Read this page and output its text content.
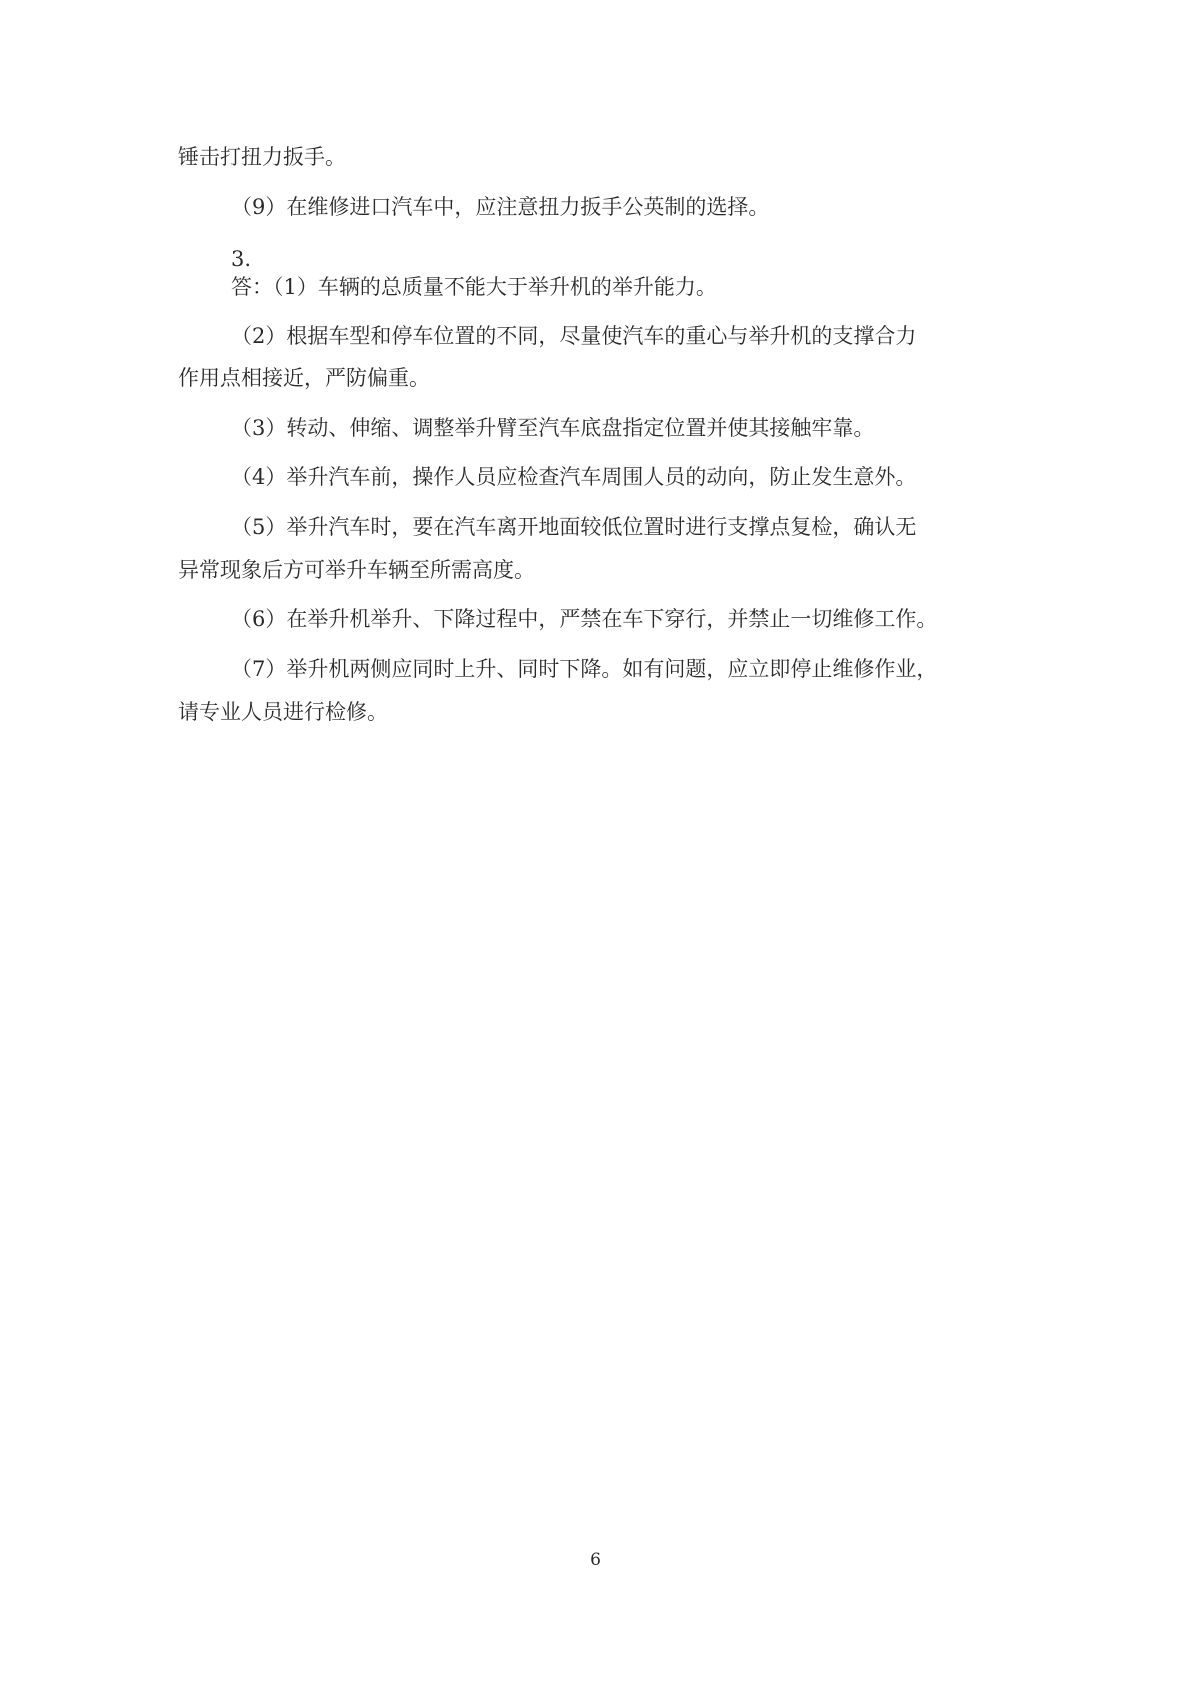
锤击打扭力扳手。

（9）在维修进口汽车中，应注意扭力扳手公英制的选择。

3.

答：（1）车辆的总质量不能大于举升机的举升能力。

（2）根据车型和停车位置的不同，尽量使汽车的重心与举升机的支撑合力

作用点相接近，严防偏重。

（3）转动、伸缩、调整举升臂至汽车底盘指定位置并使其接触牢靠。

（4）举升汽车前，操作人员应检查汽车周围人员的动向，防止发生意外。

（5）举升汽车时，要在汽车离开地面较低位置时进行支撑点复检，确认无

异常现象后方可举升车辆至所需高度。

（6）在举升机举升、下降过程中，严禁在车下穿行，并禁止一切维修工作。

（7）举升机两侧应同时上升、同时下降。如有问题，应立即停止维修作业，

请专业人员进行检修。

6
